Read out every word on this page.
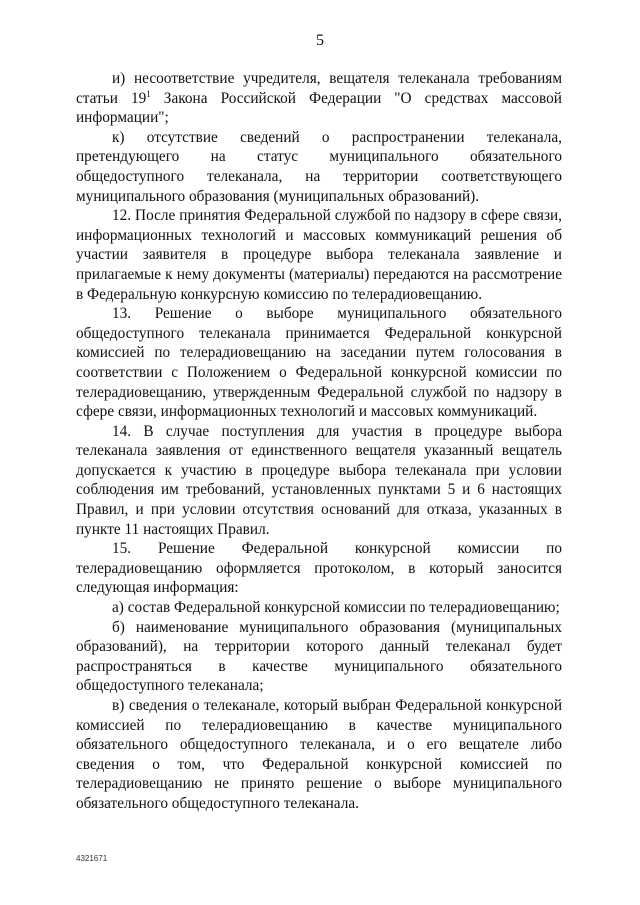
5

и) несоответствие учредителя, вещателя телеканала требованиям статьи $19^1$ Закона Российской Федерации "О средствах массовой информации";

к) отсутствие сведений о распространении телеканала, претендующего на статус муниципального обязательного общедоступного телеканала, на территории соответствующего муниципального образования (муниципальных образований).

12. После принятия Федеральной службой по надзору в сфере связи, информационных технологий и массовых коммуникаций решения об участии заявителя в процедуре выбора телеканала заявление и прилагаемые к нему документы (материалы) передаются на рассмотрение в Федеральную конкурсную комиссию по телерадиовещанию.

13. Решение о выборе муниципального обязательного общедоступного телеканала принимается Федеральной конкурсной комиссией по телерадиовещанию на заседании путем голосования в соответствии с Положением о Федеральной конкурсной комиссии по телерадиовещанию, утвержденным Федеральной службой по надзору в сфере связи, информационных технологий и массовых коммуникаций.

14. В случае поступления для участия в процедуре выбора телеканала заявления от единственного вещателя указанный вещатель допускается к участию в процедуре выбора телеканала при условии соблюдения им требований, установленных пунктами 5 и 6 настоящих Правил, и при условии отсутствия оснований для отказа, указанных в пункте 11 настоящих Правил.

15. Решение Федеральной конкурсной комиссии по телерадиовещанию оформляется протоколом, в который заносится следующая информация:

а) состав Федеральной конкурсной комиссии по телерадиовещанию;

б) наименование муниципального образования (муниципальных образований), на территории которого данный телеканал будет распространяться в качестве муниципального обязательного общедоступного телеканала;

в) сведения о телеканале, который выбран Федеральной конкурсной комиссией по телерадиовещанию в качестве муниципального обязательного общедоступного телеканала, и о его вещателе либо сведения о том, что Федеральной конкурсной комиссией по телерадиовещанию не принято решение о выборе муниципального обязательного общедоступного телеканала.

4321671
